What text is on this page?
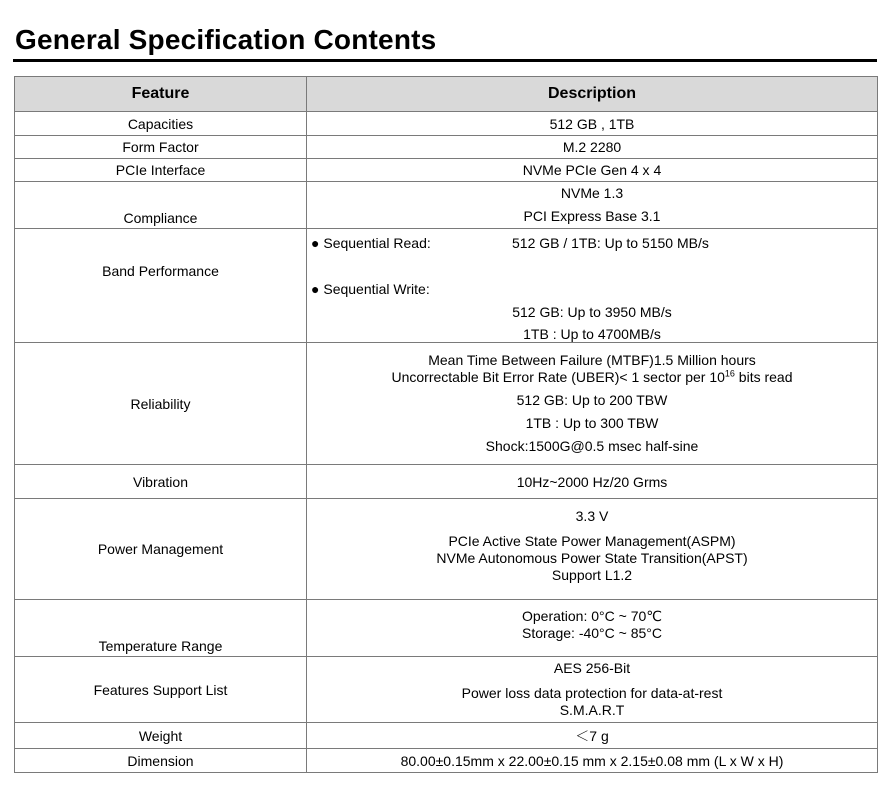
General Specification Contents
Feature	Description
Capacities	512 GB , 1TB
Form Factor	M.2 2280
PCIe Interface	NVMe PCIe Gen 4 x 4
Compliance	NVMe 1.3
PCI Express Base 3.1

Band Performance	● Sequential Read: 512 GB / 1TB: Up to 5150 MB/s
● Sequential Write:
512 GB: Up to 3950 MB/s
1TB : Up to 4700MB/s

Reliability	Mean Time Between Failure (MTBF)1.5 Million hours
Uncorrectable Bit Error Rate (UBER)< 1 sector per $10^{16}$ bits read
512 GB: Up to 200 TBW
1TB : Up to 300 TBW
Shock:1500G@0.5 msec half-sine

Vibration	10Hz~2000 Hz/20 Grms
Power Management	3.3 V
PCIe Active State Power Management(ASPM)
NVMe Autonomous Power State Transition(APST)
Support L1.2

Temperature Range	Operation: 0°C ~ 70℃
Storage: -40°C ~ 85°C

Features Support List	AES 256-Bit
Power loss data protection for data-at-rest
S.M.A.R.T

Weight	＜7 g
Dimension	80.00±0.15mm x 22.00±0.15 mm x 2.15±0.08 mm (L x W x H)
